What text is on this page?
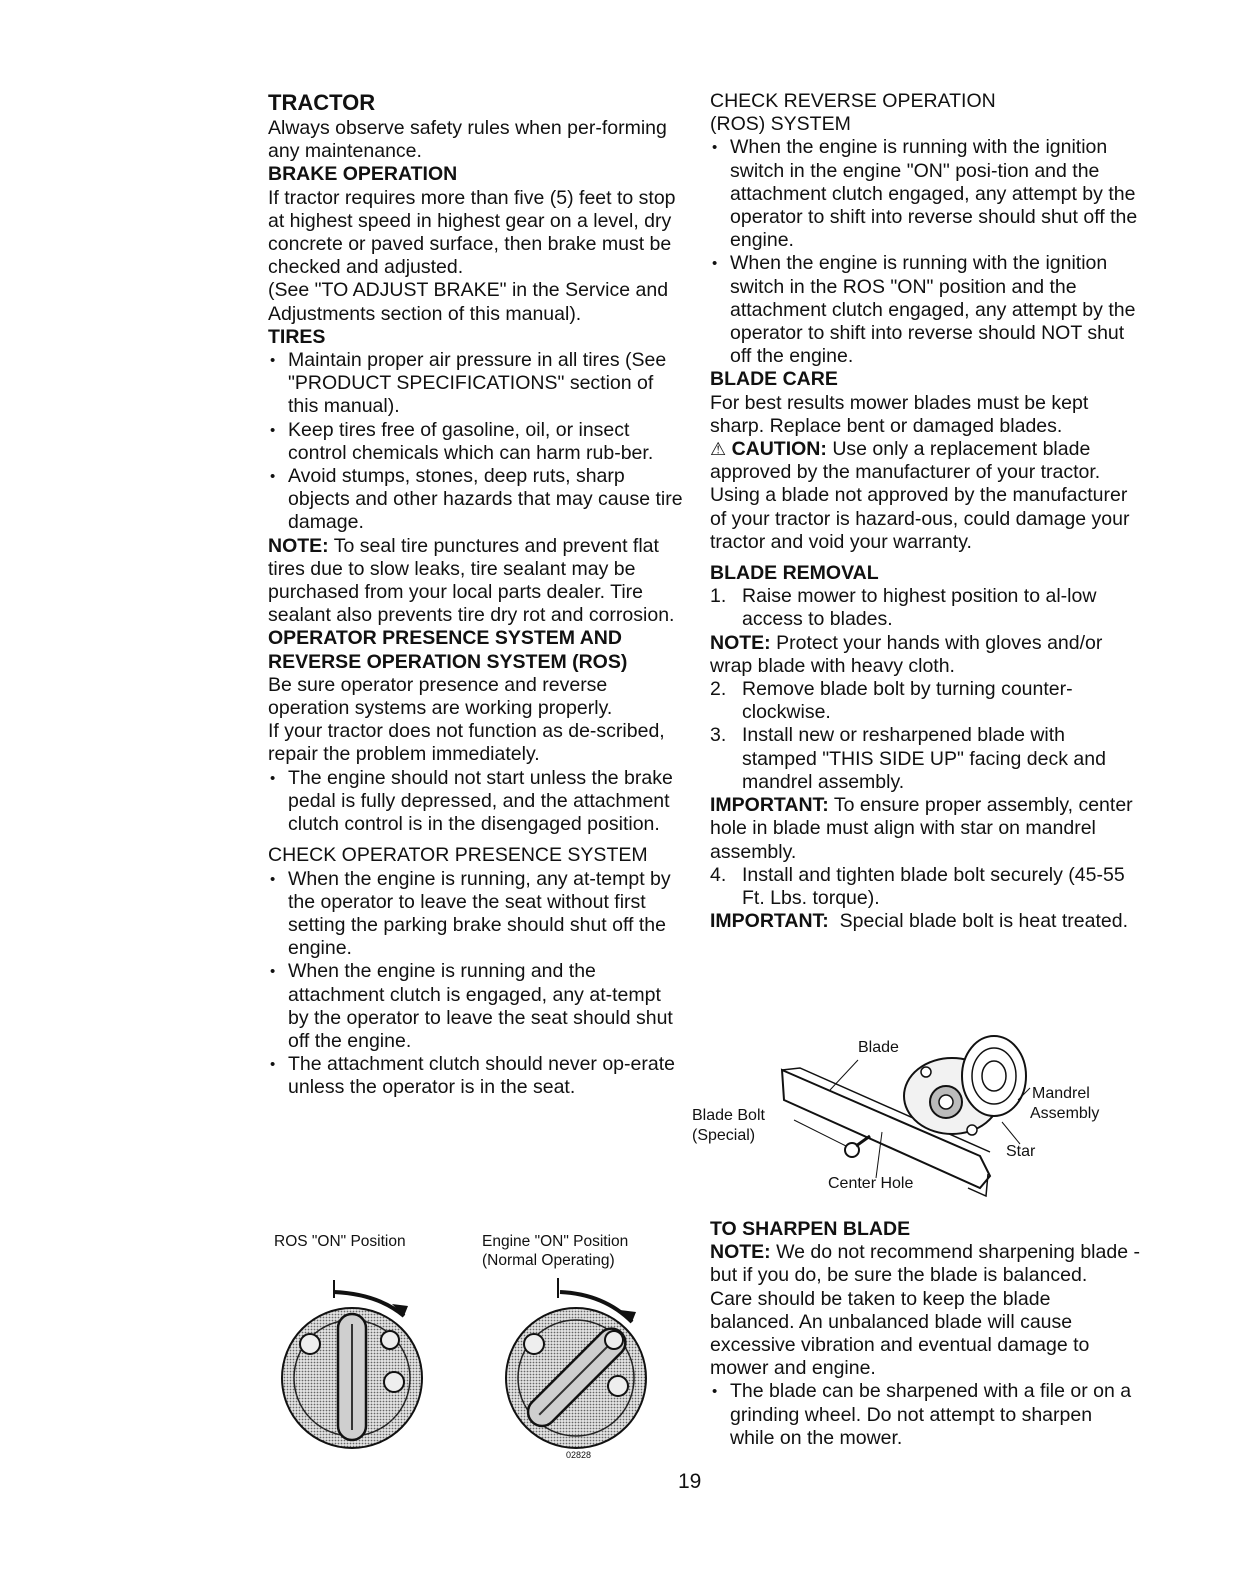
TRACTOR

Always observe safety rules when per-forming any maintenance.

BRAKE OPERATION

If tractor requires more than five (5) feet to stop at highest speed in highest gear on a level, dry concrete or paved surface, then brake must be checked and adjusted.

(See "TO ADJUST BRAKE" in the Service and Adjustments section of this manual).

TIRES
• Maintain proper air pressure in all tires (See "PRODUCT SPECIFICATIONS" section of this manual).
• Keep tires free of gasoline, oil, or insect control chemicals which can harm rub-ber.
• Avoid stumps, stones, deep ruts, sharp objects and other hazards that may cause tire damage.

NOTE: To seal tire punctures and prevent flat tires due to slow leaks, tire sealant may be purchased from your local parts dealer. Tire sealant also prevents tire dry rot and corrosion.

OPERATOR PRESENCE SYSTEM AND REVERSE OPERATION SYSTEM (ROS)

Be sure operator presence and reverse operation systems are working properly.

If your tractor does not function as de-scribed, repair the problem immediately.

• The engine should not start unless the brake pedal is fully depressed, and the attachment clutch control is in the disengaged position.
CHECK OPERATOR PRESENCE SYSTEM
• When the engine is running, any at-tempt by the operator to leave the seat without first setting the parking brake should shut off the engine.
• When the engine is running and the attachment clutch is engaged, any at-tempt by the operator to leave the seat should shut off the engine.
• The attachment clutch should never op-erate unless the operator is in the seat.
ROS "ON" Position	Engine "ON" Position
(Normal Operating)
02828
CHECK REVERSE OPERATION (ROS) SYSTEM
• When the engine is running with the ignition switch in the engine "ON" posi-tion and the attachment clutch engaged, any attempt by the operator to shift into reverse should shut off the engine.
• When the engine is running with the ignition switch in the ROS "ON" position and the attachment clutch engaged, any attempt by the operator to shift into reverse should NOT shut off the engine.
BLADE CARE

For best results mower blades must be kept sharp. Replace bent or damaged blades.

⚠ CAUTION: Use only a replacement blade approved by the manufacturer of your tractor. Using a blade not approved by the manufacturer of your tractor is hazard-ous, could damage your tractor and void your warranty.

BLADE REMOVAL
1. Raise mower to highest position to al-low access to blades.

NOTE: Protect your hands with gloves and/or wrap blade with heavy cloth.

2. Remove blade bolt by turning counter-clockwise.
3. Install new or resharpened blade with stamped "THIS SIDE UP" facing deck and mandrel assembly.

IMPORTANT: To ensure proper assembly, center hole in blade must align with star on mandrel assembly.

4. Install and tighten blade bolt securely (45-55 Ft. Lbs. torque).

IMPORTANT: Special blade bolt is heat treated.

Blade
Blade Bolt
(Special)
Mandrel
Assembly
Star
Center Hole
TO SHARPEN BLADE

NOTE: We do not recommend sharpening blade - but if you do, be sure the blade is balanced.

Care should be taken to keep the blade balanced. An unbalanced blade will cause excessive vibration and eventual damage to mower and engine.

• The blade can be sharpened with a file or on a grinding wheel. Do not attempt to sharpen while on the mower.
19
